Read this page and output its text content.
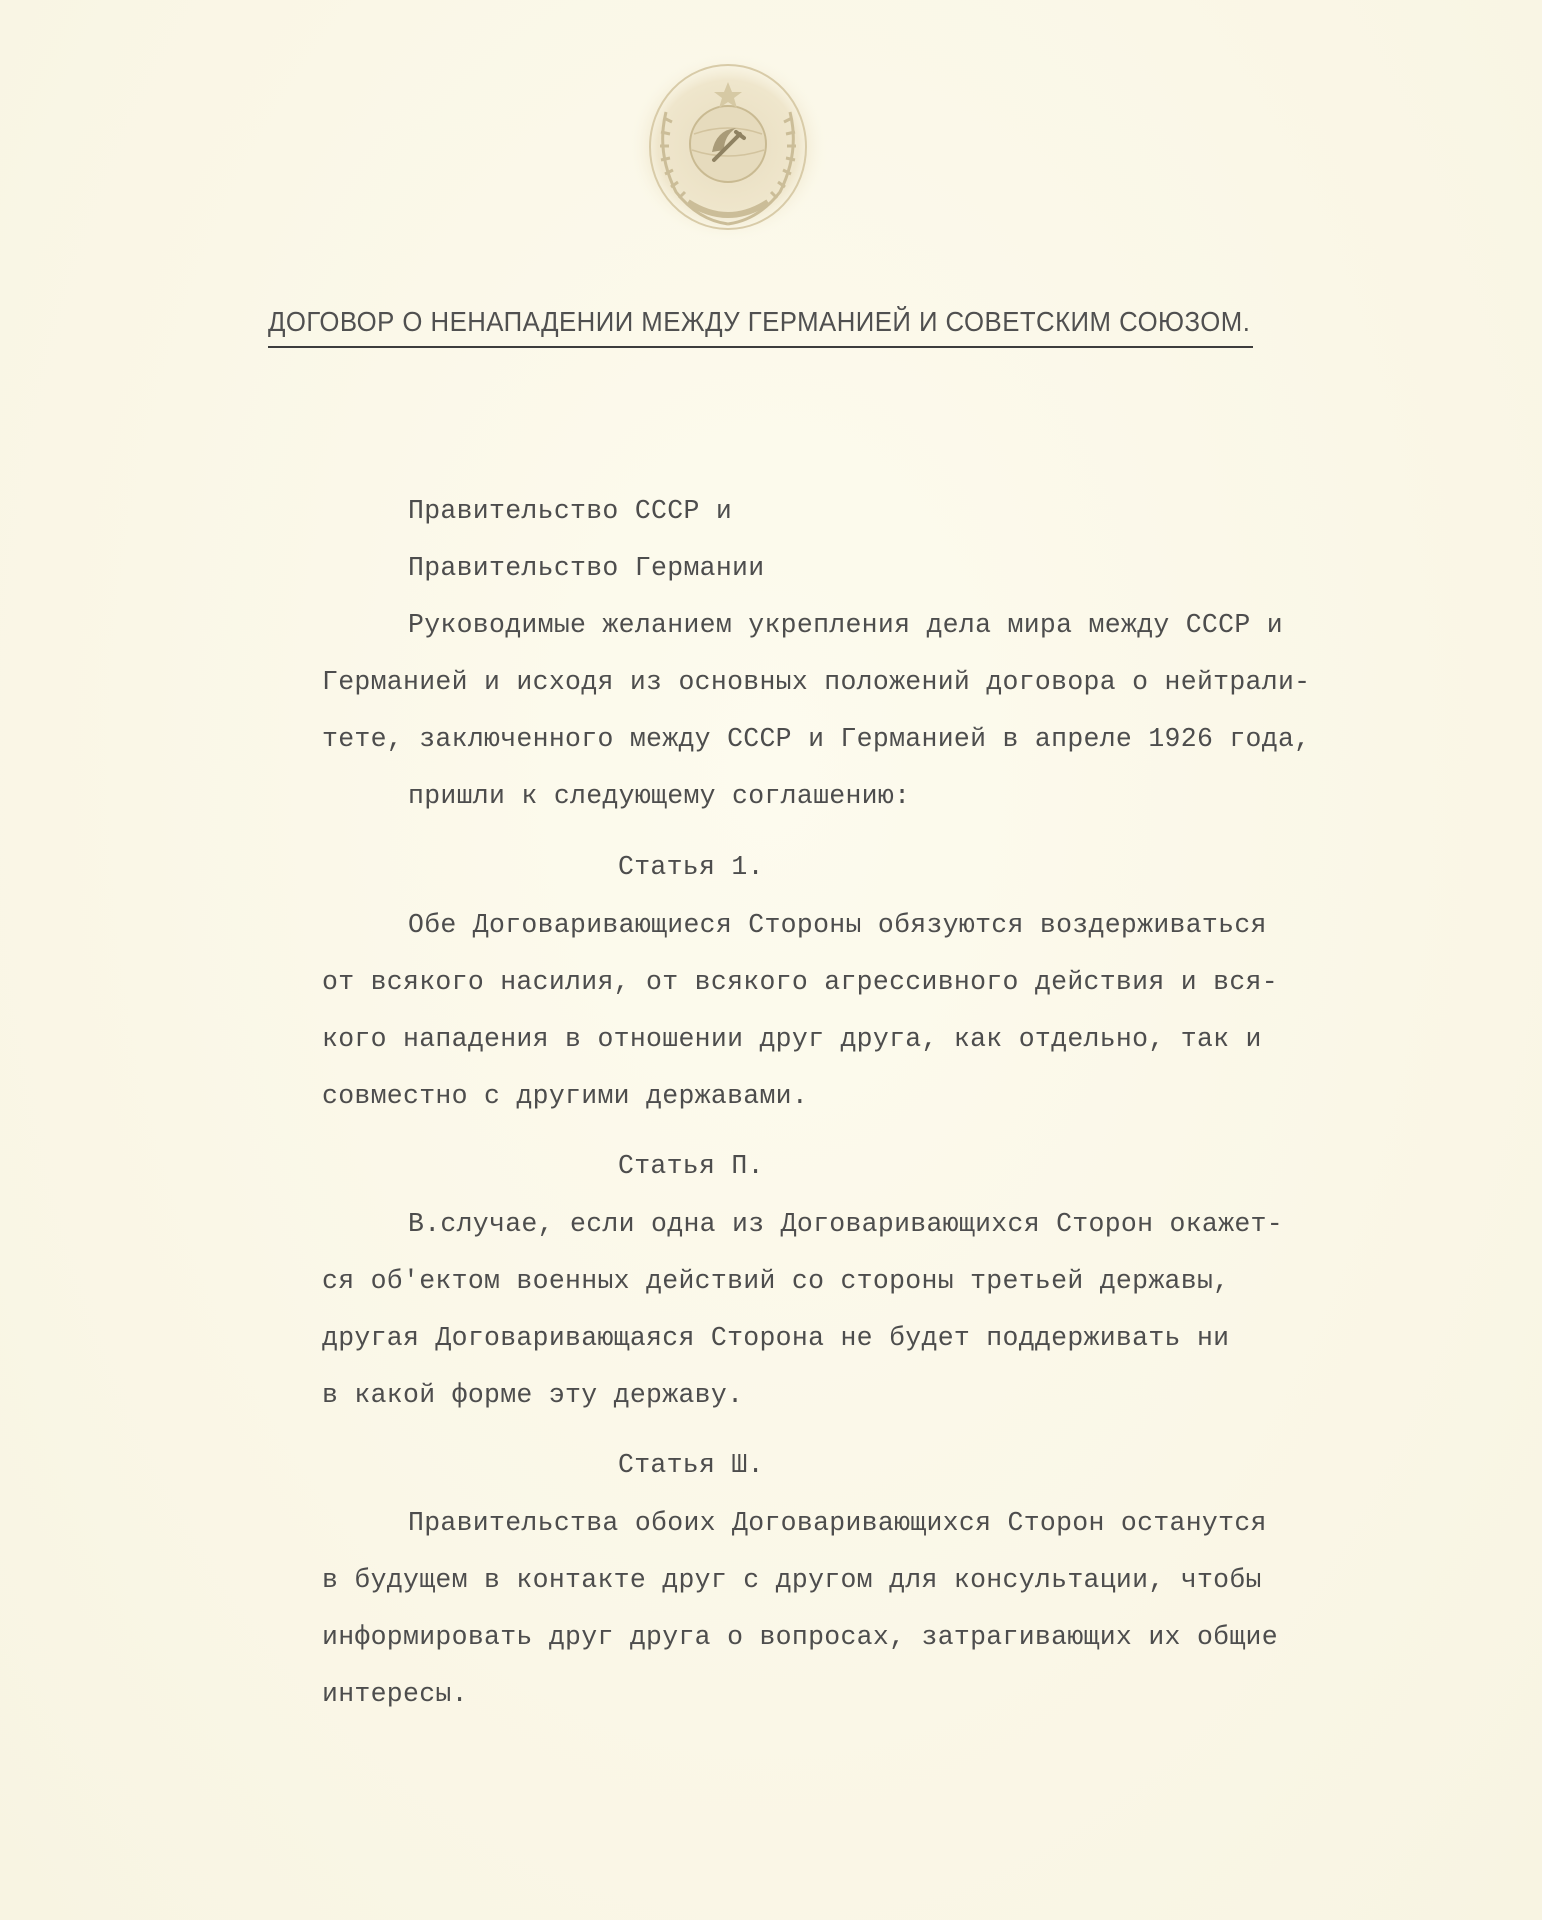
ДОГОВОР О НЕНАПАДЕНИИ МЕЖДУ ГЕРМАНИЕЙ И СОВЕТСКИМ СОЮЗОМ.
Правительство СССР и
Правительство Германии
Руководимые желанием укрепления дела мира между СССР и
Германией и исходя из основных положений договора о нейтрали-
тете, заключенного между СССР и Германией в апреле 1926 года,
пришли к следующему соглашению:
Статья 1.
Обе Договаривающиеся Стороны обязуются воздерживаться
от всякого насилия, от всякого агрессивного действия и вся-
кого нападения в отношении друг друга, как отдельно, так и
совместно с другими державами.
Статья П.
В.случае, если одна из Договаривающихся Сторон окажет-
ся об'ектом военных действий со стороны третьей державы,
другая Договаривающаяся Сторона не будет поддерживать ни
в какой форме эту державу.
Статья Ш.
Правительства обоих Договаривающихся Сторон останутся
в будущем в контакте друг с другом для консультации, чтобы
информировать друг друга о вопросах, затрагивающих их общие
интересы.
